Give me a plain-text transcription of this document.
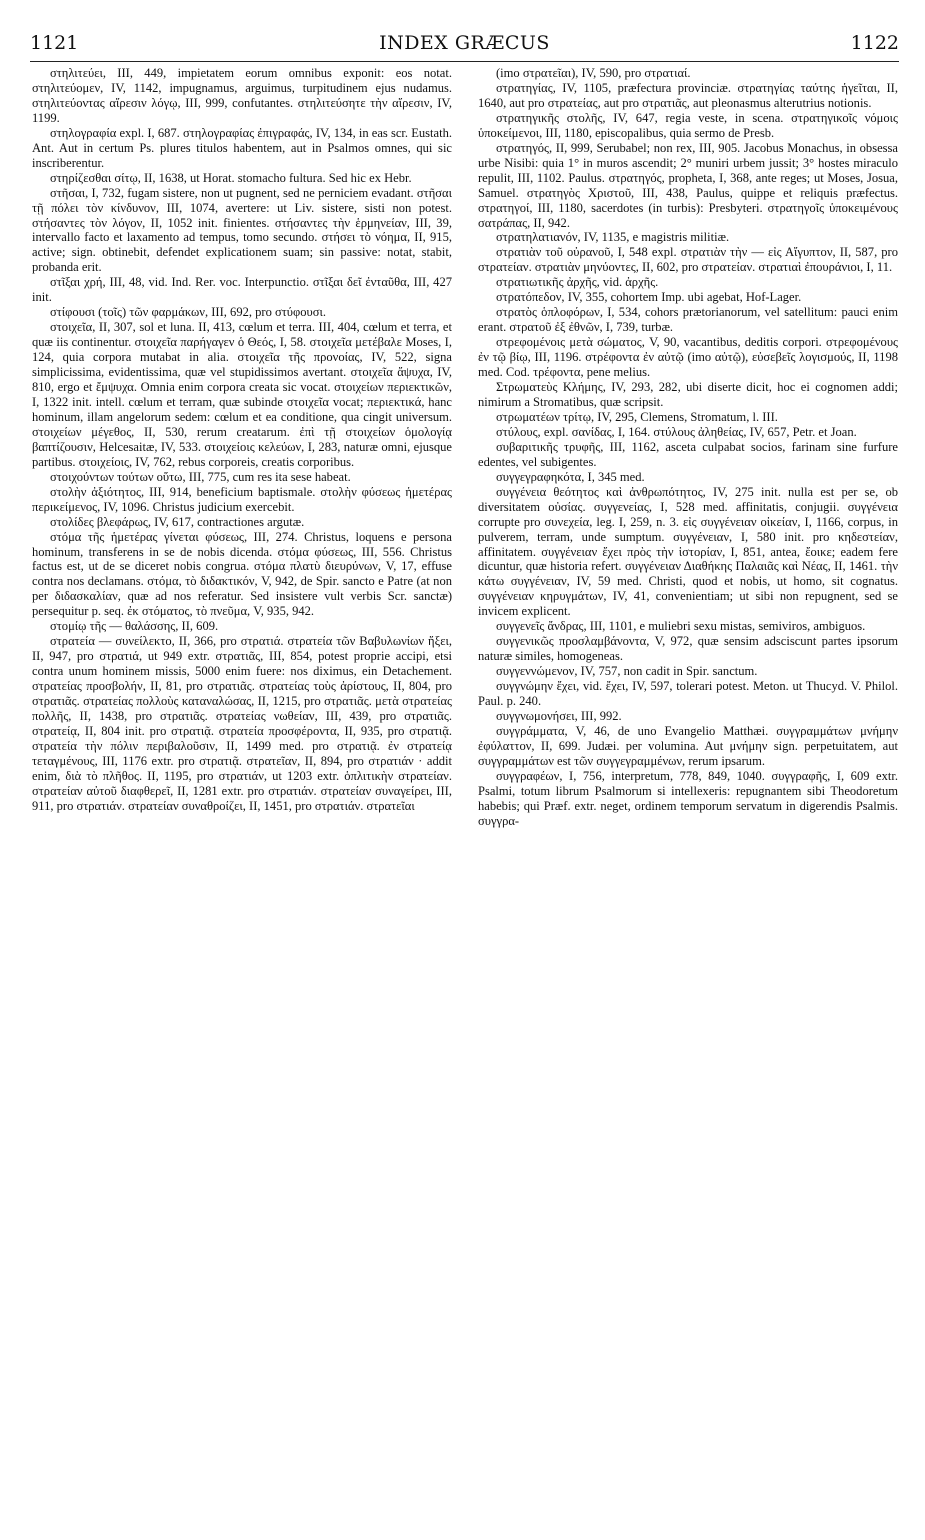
1121	INDEX GRÆCUS	1122

στηλιτεύει, III, 449, impietatem eorum omnibus exponit: eos notat. στηλιτεύομεν, IV, 1142, impugnamus, arguimus, turpitudinem ejus nudamus. στηλιτεύοντας αἵρεσιν λόγῳ, III, 999, confutantes. στηλιτεύσητε τὴν αἵρεσιν, IV, 1199.

στηλογραφία expl. I, 687. στηλογραφίας ἐπιγραφάς, IV, 134, in eas scr. Eustath. Ant. Aut in certum Ps. plures titulos habentem, aut in Psalmos omnes, qui sic inscriberentur.

στηρίζεσθαι σίτῳ, II, 1638, ut Horat. stomacho fultura. Sed hic ex Hebr.

στῆσαι, I, 732, fugam sistere, non ut pugnent, sed ne perniciem evadant. στῆσαι τῇ πόλει τὸν κίνδυνον, III, 1074, avertere: ut Liv. sistere, sisti non potest. στήσαντες τὸν λόγον, II, 1052 init. finientes. στήσαντες τὴν ἑρμηνείαν, III, 39, intervallo facto et laxamento ad tempus, tomo secundo. στήσει τὸ νόημα, II, 915, active; sign. obtinebit, defendet explicationem suam; sin passive: notat, stabit, probanda erit.

στῖξαι χρή, III, 48, vid. Ind. Rer. voc. Interpunctio. στῖξαι δεῖ ἐνταῦθα, III, 427 init.

στίφουσι (τοῖς) τῶν φαρμάκων, III, 692, pro στύφουσι.

στοιχεῖα, II, 307, sol et luna. II, 413, cœlum et terra. III, 404, cœlum et terra, et quæ iis continentur. στοιχεῖα παρήγαγεν ὁ Θεός, I, 58. στοιχεῖα μετέβαλε Moses, I, 124, quia corpora mutabat in alia. στοιχεῖα τῆς προνοίας, IV, 522, signa simplicissima, evidentissima, quæ vel stupidissimos avertant. στοιχεῖα ἄψυχα, IV, 810, ergo et ἔμψυχα. Omnia enim corpora creata sic vocat. στοιχείων περιεκτικῶν, I, 1322 init. intell. cœlum et terram, quæ subinde στοιχεῖα vocat; περιεκτικά, hanc hominum, illam angelorum sedem: cœlum et ea conditione, qua cingit universum. στοιχείων μέγεθος, II, 530, rerum creatarum. ἐπὶ τῇ στοιχείων ὁμολογίᾳ βαπτίζουσιν, Helcesaitæ, IV, 533. στοιχείοις κελεύων, I, 283, naturæ omni, ejusque partibus. στοιχείοις, IV, 762, rebus corporeis, creatis corporibus.

στοιχούντων τούτων οὕτω, III, 775, cum res ita sese habeat.

στολὴν ἀξιότητος, III, 914, beneficium baptismale. στολὴν φύσεως ἡμετέρας περικείμενος, IV, 1096. Christus judicium exercebit.

στολίδες βλεφάρως, IV, 617, contractiones argutæ.

στόμα τῆς ἡμετέρας γίνεται φύσεως, III, 274. Christus, loquens e persona hominum, transferens in se de nobis dicenda. στόμα φύσεως, III, 556. Christus factus est, ut de se diceret nobis congrua. στόμα πλατὺ διευρύνων, V, 17, effuse contra nos declamans. στόμα, τὸ διδακτικόν, V, 942, de Spir. sancto e Patre (at non per διδασκαλίαν, quæ ad nos referatur. Sed insistere vult verbis Scr. sanctæ) persequitur p. seq. ἐκ στόματος, τὸ πνεῦμα, V, 935, 942.

στομίῳ τῆς — θαλάσσης, II, 609.

στρατεία — συνείλεκτο, II, 366, pro στρατιά. στρατεία τῶν Βαβυλωνίων ἥξει, II, 947, pro στρατιά, ut 949 extr. στρατιᾶς, III, 854, potest proprie accipi, etsi contra unum hominem missis, 5000 enim fuere: nos diximus, ein Detachement. στρατείας προσβολήν, II, 81, pro στρατιᾶς. στρατείας τοὺς ἀρίστους, II, 804, pro στρατιᾶς. στρατείας πολλοὺς καταναλώσας, II, 1215, pro στρατιᾶς. μετὰ στρατείας πολλῆς, II, 1438, pro στρατιᾶς. στρατείας νωθείαν, III, 439, pro στρατιᾶς. στρατείᾳ, II, 804 init. pro στρατιᾷ. στρατεία προσφέροντα, II, 935, pro στρατιᾷ. στρατεία τὴν πόλιν περιβαλοῦσιν, II, 1499 med. pro στρατιᾷ. ἐν στρατείᾳ τεταγμένους, III, 1176 extr. pro στρατιᾷ. στρατεῖαν, II, 894, pro στρατιάν · addit enim, διὰ τὸ πλῆθος. II, 1195, pro στρατιάν, ut 1203 extr. ὁπλιτικὴν στρατείαν. στρατείαν αὐτοῦ διαφθερεῖ, II, 1281 extr. pro στρατιάν. στρατείαν συναγείρει, III, 911, pro στρατιάν. στρατείαν συναθροίζει, II, 1451, pro στρατιάν. στρατεῖαι

(imo στρατεῖαι), IV, 590, pro στρατιαί.

στρατηγίας, IV, 1105, præfectura provinciæ. στρατηγίας ταύτης ἡγεῖται, II, 1640, aut pro στρατείας, aut pro στρατιᾶς, aut pleonasmus alterutrius notionis.

στρατηγικῆς στολῆς, IV, 647, regia veste, in scena. στρατηγικοῖς νόμοις ὑποκείμενοι, III, 1180, episcopalibus, quia sermo de Presb.

στρατηγός, II, 999, Serubabel; non rex, III, 905. Jacobus Monachus, in obsessa urbe Nisibi: quia 1° in muros ascendit; 2° muniri urbem jussit; 3° hostes miraculo repulit, III, 1102. Paulus. στρατηγός, propheta, I, 368, ante reges; ut Moses, Josua, Samuel. στρατηγὸς Χριστοῦ, III, 438, Paulus, quippe et reliquis præfectus. στρατηγοί, III, 1180, sacerdotes (in turbis): Presbyteri. στρατηγοῖς ὑποκειμένους σατράπας, II, 942.

στρατηλατιανόν, IV, 1135, e magistris militiæ.

στρατιὰν τοῦ οὐρανοῦ, I, 548 expl. στρατιὰν τὴν — εἰς Αἴγυπτον, II, 587, pro στρατείαν. στρατιὰν μηνύοντες, II, 602, pro στρατείαν. στρατιαὶ ἐπουράνιοι, I, 11.

στρατιωτικῆς ἀρχῆς, vid. ἀρχῆς.

στρατόπεδον, IV, 355, cohortem Imp. ubi agebat, Hof-Lager.

στρατὸς ὁπλοφόρων, I, 534, cohors prætorianorum, vel satellitum: pauci enim erant. στρατοῦ ἐξ ἐθνῶν, I, 739, turbæ.

στρεφομένοις μετὰ σώματος, V, 90, vacantibus, deditis corpori. στρεφομένους ἐν τῷ βίῳ, III, 1196. στρέφοντα ἐν αὐτῷ (imo αὐτῷ), εὐσεβεῖς λογισμούς, II, 1198 med. Cod. τρέφοντα, pene melius.

Στρωματεὺς Κλήμης, IV, 293, 282, ubi diserte dicit, hoc ei cognomen addi; nimirum a Stromatibus, quæ scripsit.

στρωματέων τρίτῳ, IV, 295, Clemens, Stromatum, l. III.

στύλους, expl. σανίδας, I, 164. στύλους ἀληθείας, IV, 657, Petr. et Joan.

συβαριτικῆς τρυφῆς, III, 1162, asceta culpabat socios, farinam sine furfure edentes, vel subigentes.

συγγεγραφηκότα, I, 345 med.

συγγένεια θεότητος καὶ ἀνθρωπότητος, IV, 275 init. nulla est per se, ob diversitatem οὐσίας. συγγενείας, I, 528 med. affinitatis, conjugii. συγγένεια corrupte pro συνεχεία, leg. I, 259, n. 3. εἰς συγγένειαν οἰκείαν, I, 1166, corpus, in pulverem, terram, unde sumptum. συγγένειαν, I, 580 init. pro κηδεστείαν, affinitatem. συγγένειαν ἔχει πρὸς τὴν ἱστορίαν, I, 851, antea, ἔοικε; eadem fere dicuntur, quæ historia refert. συγγένειαν Διαθήκης Παλαιᾶς καὶ Νέας, II, 1461. τὴν κάτω συγγένειαν, IV, 59 med. Christi, quod et nobis, ut homo, sit cognatus. συγγένειαν κηρυγμάτων, IV, 41, convenientiam; ut sibi non repugnent, sed se invicem explicent.

συγγενεῖς ἄνδρας, III, 1101, e muliebri sexu mistas, semiviros, ambiguos.

συγγενικῶς προσλαμβάνοντα, V, 972, quæ sensim adsciscunt partes ipsorum naturæ similes, homogeneas.

συγγεννώμενον, IV, 757, non cadit in Spir. sanctum.

συγγνώμην ἔχει, vid. ἔχει, IV, 597, tolerari potest. Meton. ut Thucyd. V. Philol. Paul. p. 240.

συγγνωμονήσει, III, 992.

συγγράμματα, V, 46, de uno Evangelio Matthæi. συγγραμμάτων μνήμην ἐφύλαττον, II, 699. Judæi. per volumina. Aut μνήμην sign. perpetuitatem, aut συγγραμμάτων est τῶν συγγεγραμμένων, rerum ipsarum.

συγγραφέων, I, 756, interpretum, 778, 849, 1040. συγγραφῆς, I, 609 extr. Psalmi, totum librum Psalmorum si intellexeris: repugnantem sibi Theodoretum habebis; qui Præf. extr. neget, ordinem temporum servatum in digerendis Psalmis. συγγρα-
